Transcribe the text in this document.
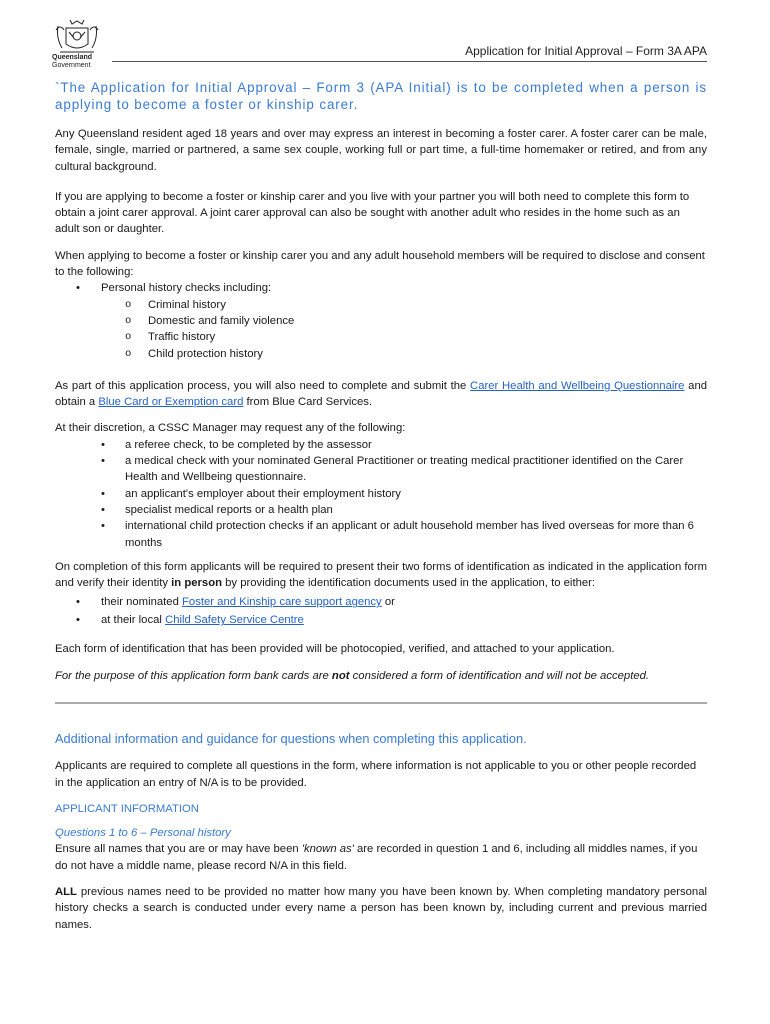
Queensland
Government
Application for Initial Approval – Form 3A APA
`The Application for Initial Approval – Form 3 (APA Initial) is to be completed when a person is applying to become a foster or kinship carer.

Any Queensland resident aged 18 years and over may express an interest in becoming a foster carer. A foster carer can be male, female, single, married or partnered, a same sex couple, working full or part time, a full-time homemaker or retired, and from any cultural background.

If you are applying to become a foster or kinship carer and you live with your partner you will both need to complete this form to obtain a joint carer approval. A joint carer approval can also be sought with another adult who resides in the home such as an adult son or daughter.

When applying to become a foster or kinship carer you and any adult household members will be required to disclose and consent to the following:

• Personal history checks including:
o Criminal history
o Domestic and family violence
o Traffic history
o Child protection history

As part of this application process, you will also need to complete and submit the Carer Health and Wellbeing Questionnaire and obtain a Blue Card or Exemption card from Blue Card Services.

At their discretion, a CSSC Manager may request any of the following:

• a referee check, to be completed by the assessor
• a medical check with your nominated General Practitioner or treating medical practitioner identified on the Carer Health and Wellbeing questionnaire.
• an applicant's employer about their employment history
• specialist medical reports or a health plan
• international child protection checks if an applicant or adult household member has lived overseas for more than 6 months

On completion of this form applicants will be required to present their two forms of identification as indicated in the application form and verify their identity in person by providing the identification documents used in the application, to either:

• their nominated Foster and Kinship care support agency or
• at their local Child Safety Service Centre

Each form of identification that has been provided will be photocopied, verified, and attached to your application.

For the purpose of this application form bank cards are not considered a form of identification and will not be accepted.

Additional information and guidance for questions when completing this application.

Applicants are required to complete all questions in the form, where information is not applicable to you or other people recorded in the application an entry of N/A is to be provided.

APPLICANT INFORMATION
Questions 1 to 6 – Personal history

Ensure all names that you are or may have been 'known as' are recorded in question 1 and 6, including all middles names, if you do not have a middle name, please record N/A in this field.

ALL previous names need to be provided no matter how many you have been known by. When completing mandatory personal history checks a search is conducted under every name a person has been known by, including current and previous married names.
